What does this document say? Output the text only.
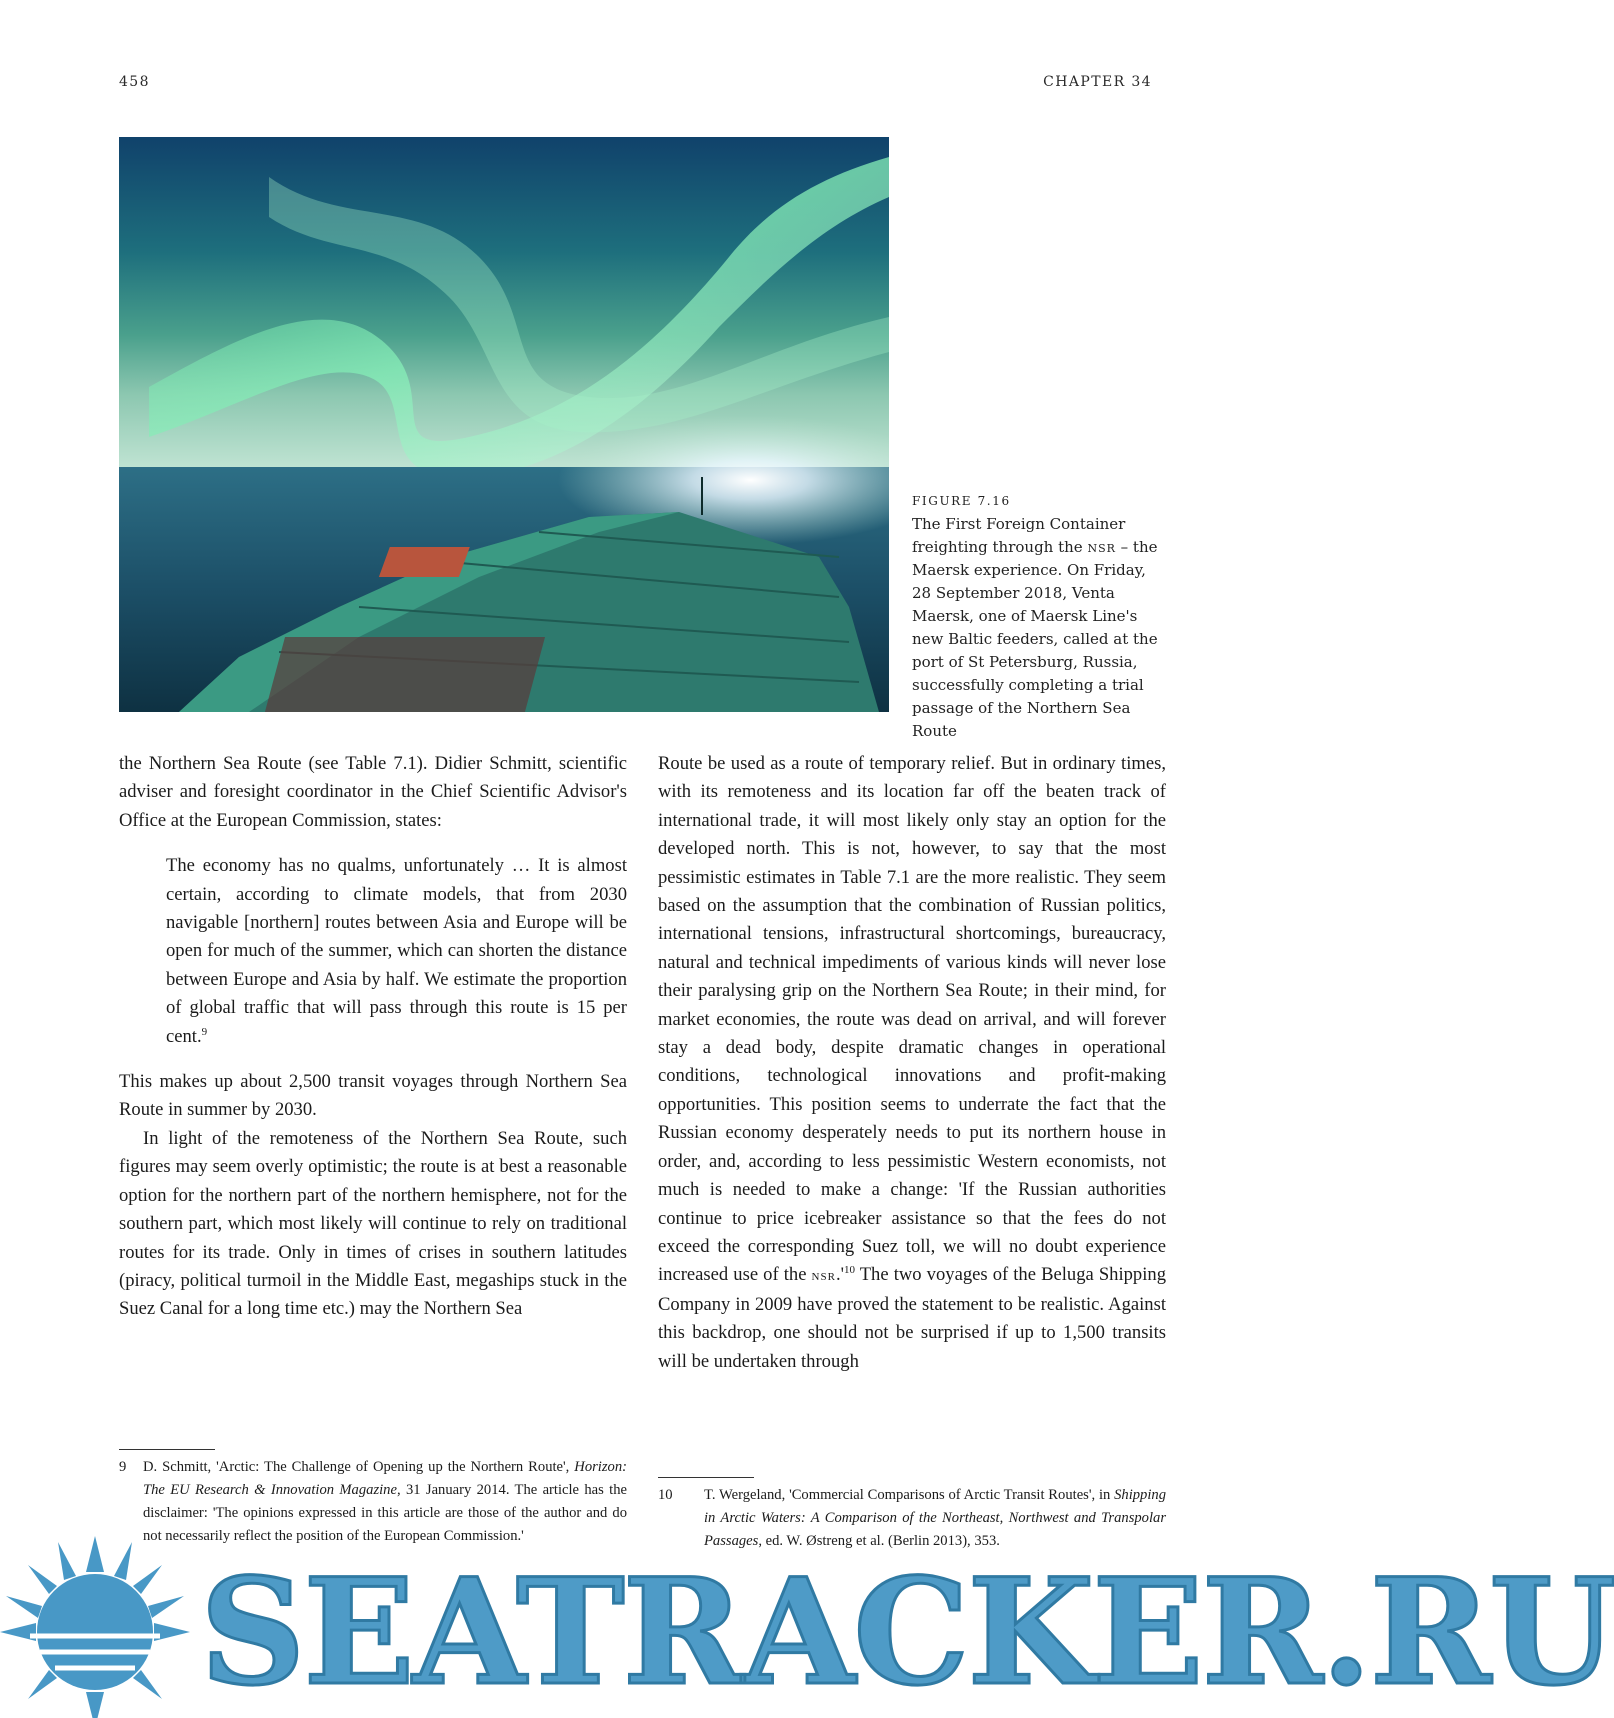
458	CHAPTER 34
FIGURE 7.16
The First Foreign Container freighting through the nsr – the Maersk experience. On Friday, 28 September 2018, Venta Maersk, one of Maersk Line's new Baltic feeders, called at the port of St Petersburg, Russia, successfully completing a trial passage of the Northern Sea Route

the Northern Sea Route (see Table 7.1). Didier Schmitt, scientific adviser and foresight coordinator in the Chief Scientific Advisor's Office at the European Commission, states:

The economy has no qualms, unfortunately … It is almost certain, according to climate models, that from 2030 navigable [northern] routes between Asia and Europe will be open for much of the summer, which can shorten the distance between Europe and Asia by half. We estimate the proportion of global traffic that will pass through this route is 15 per cent.$^9$

This makes up about 2,500 transit voyages through Northern Sea Route in summer by 2030.

In light of the remoteness of the Northern Sea Route, such figures may seem overly optimistic; the route is at best a reasonable option for the northern part of the northern hemisphere, not for the southern part, which most likely will continue to rely on traditional routes for its trade. Only in times of crises in southern latitudes (piracy, political turmoil in the Middle East, megaships stuck in the Suez Canal for a long time etc.) may the Northern Sea

Route be used as a route of temporary relief. But in ordinary times, with its remoteness and its location far off the beaten track of international trade, it will most likely only stay an option for the developed north. This is not, however, to say that the most pessimistic estimates in Table 7.1 are the more realistic. They seem based on the assumption that the combination of Russian politics, international tensions, infrastructural shortcomings, bureaucracy, natural and technical impediments of various kinds will never lose their paralysing grip on the Northern Sea Route; in their mind, for market economies, the route was dead on arrival, and will forever stay a dead body, despite dramatic changes in operational conditions, technological innovations and profit-making opportunities. This position seems to underrate the fact that the Russian economy desperately needs to put its northern house in order, and, according to less pessimistic Western economists, not much is needed to make a change: 'If the Russian authorities continue to price icebreaker assistance so that the fees do not exceed the corresponding Suez toll, we will no doubt experience increased use of the $nsr.'^{10}$ The two voyages of the Beluga Shipping Company in 2009 have proved the statement to be realistic. Against this backdrop, one should not be surprised if up to 1,500 transits will be undertaken through

9 D. Schmitt, 'Arctic: The Challenge of Opening up the Northern Route', Horizon: The EU Research & Innovation Magazine, 31 January 2014. The article has the disclaimer: 'The opinions expressed in this article are those of the author and do not necessarily reflect the position of the European Commission.'
10 T. Wergeland, 'Commercial Comparisons of Arctic Transit Routes', in Shipping in Arctic Waters: A Comparison of the Northeast, Northwest and Transpolar Passages, ed. W. Østreng et al. (Berlin 2013), 353.
SEATRACKER.RU
